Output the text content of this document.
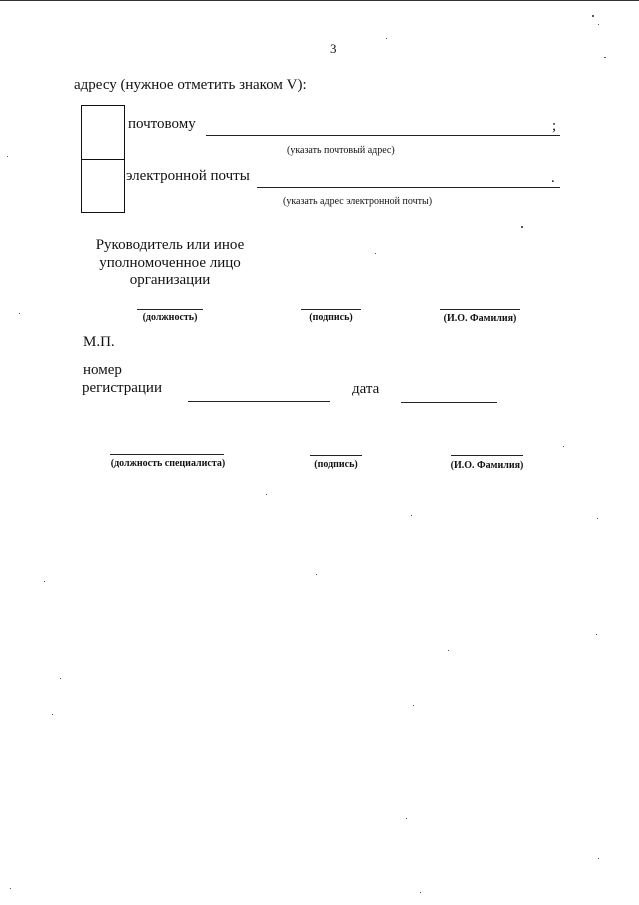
3
адресу (нужное отметить знаком V):
почтовому	;
(указать почтовый адрес)
электронной почты	.
(указать адрес электронной почты)
Руководитель или иное
уполномоченное лицо
организации
(должность)	(подпись)	(И.О. Фамилия)
М.П.
номер
регистрации	дата
(должность специалиста)	(подпись)	(И.О. Фамилия)
